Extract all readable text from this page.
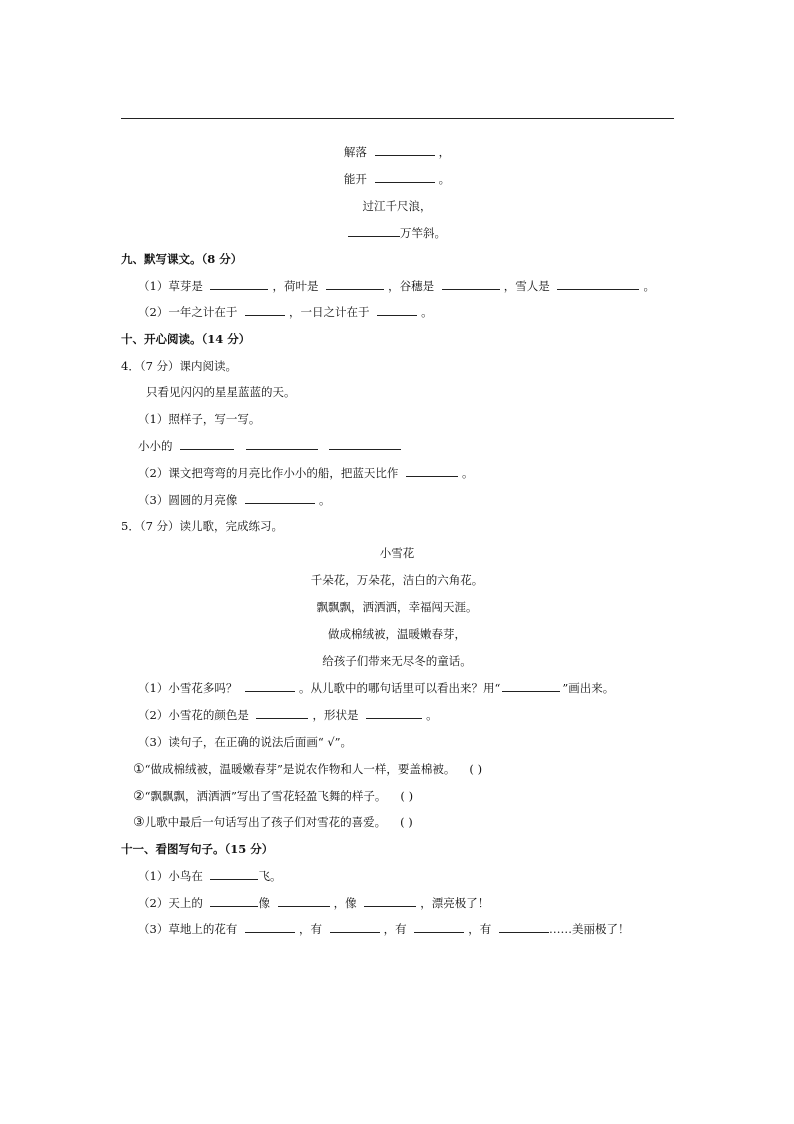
解落	，
能开	。
过江千尺浪，
万竿斜。
九、默写课文。（8 分）
（1）草芽是	，荷叶是	，谷穗是	，雪人是	。
（2）一年之计在于	，一日之计在于	。
十、开心阅读。（14 分）
4．（7 分）课内阅读。
只看见闪闪的星星蓝蓝的天。
（1）照样子，写一写。
小小的
（2）课文把弯弯的月亮比作小小的船，把蓝天比作	。
（3）圆圆的月亮像	。
5．（7 分）读儿歌，完成练习。
小雪花
千朵花，万朵花，洁白的六角花。
飘飘飘，洒洒洒，幸福闯天涯。
做成棉绒被，温暖嫩春芽，
给孩子们带来无尽冬的童话。
（1）小雪花多吗？	。从儿歌中的哪句话里可以看出来？用“	”画出来。
（2）小雪花的颜色是	，形状是	。
（3）读句子，在正确的说法后面画“ √”。
①“做成棉绒被，温暖嫩春芽”是说农作物和人一样，要盖棉被。 ( )
②“飘飘飘，洒洒洒”写出了雪花轻盈飞舞的样子。 ( )
③儿歌中最后一句话写出了孩子们对雪花的喜爱。 ( )
十一、看图写句子。（15 分）
（1）小鸟在	飞。
（2）天上的	像	，像	，漂亮极了！
（3）草地上的花有	，有	，有	，有	……美丽极了！
